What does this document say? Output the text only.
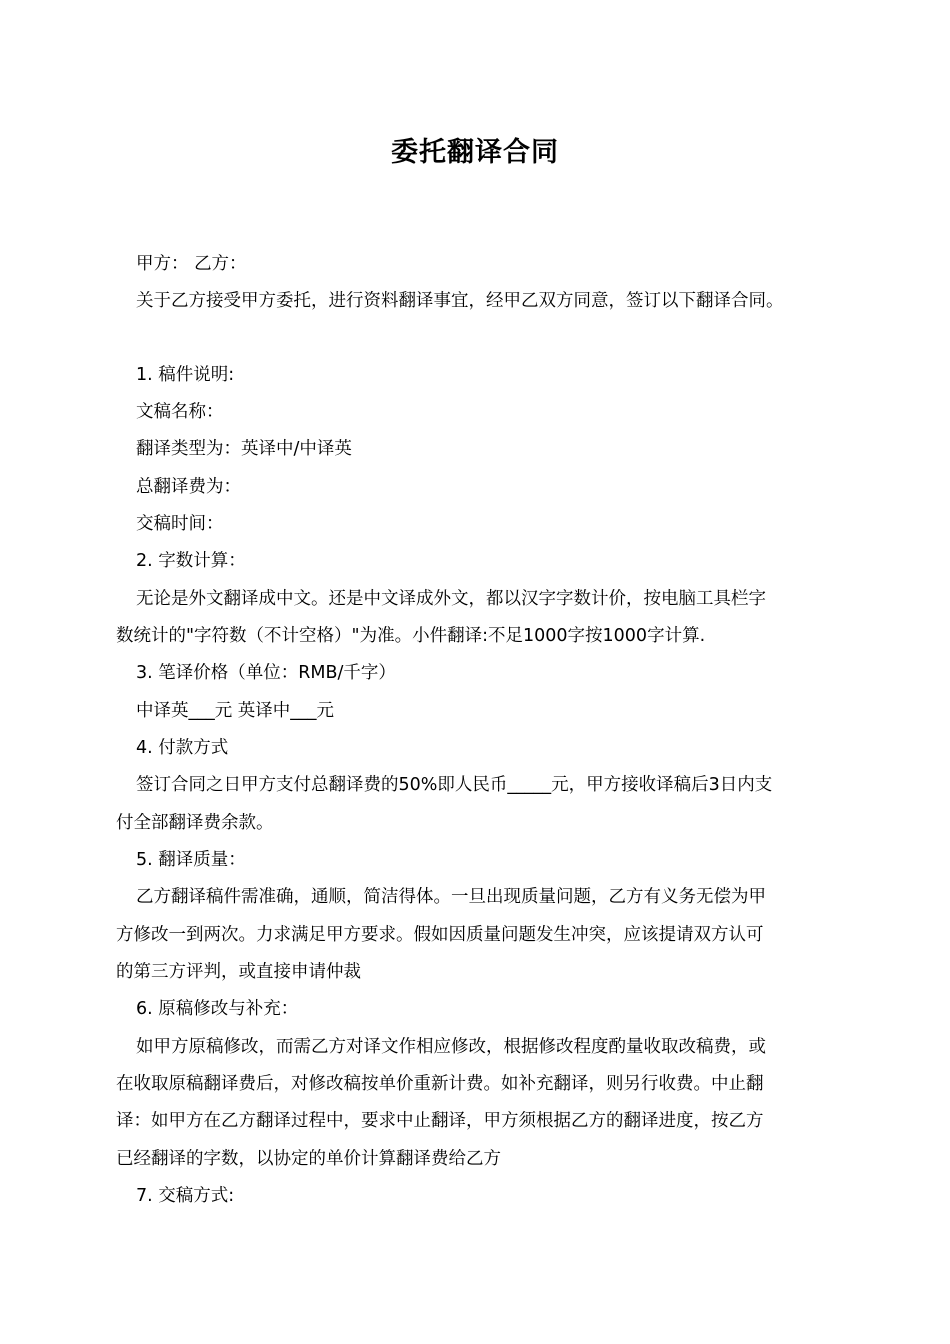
委托翻译合同
甲方： 乙方：
关于乙方接受甲方委托，进行资料翻译事宜，经甲乙双方同意，签订以下翻译合同。
1. 稿件说明:
文稿名称：
翻译类型为：英译中/中译英
总翻译费为：
交稿时间：
2. 字数计算：
无论是外文翻译成中文。还是中文译成外文，都以汉字字数计价，按电脑工具栏字
数统计的"字符数（不计空格）"为准。小件翻译:不足1000字按1000字计算.
3. 笔译价格（单位：RMB/千字）
中译英___元 英译中___元
4. 付款方式
签订合同之日甲方支付总翻译费的50%即人民币_____元，甲方接收译稿后3日内支
付全部翻译费余款。
5. 翻译质量：
乙方翻译稿件需准确，通顺，简洁得体。一旦出现质量问题，乙方有义务无偿为甲
方修改一到两次。力求满足甲方要求。假如因质量问题发生冲突，应该提请双方认可
的第三方评判，或直接申请仲裁
6. 原稿修改与补充：
如甲方原稿修改，而需乙方对译文作相应修改，根据修改程度酌量收取改稿费，或
在收取原稿翻译费后，对修改稿按单价重新计费。如补充翻译，则另行收费。中止翻
译：如甲方在乙方翻译过程中，要求中止翻译，甲方须根据乙方的翻译进度，按乙方
已经翻译的字数，以协定的单价计算翻译费给乙方
7. 交稿方式:
